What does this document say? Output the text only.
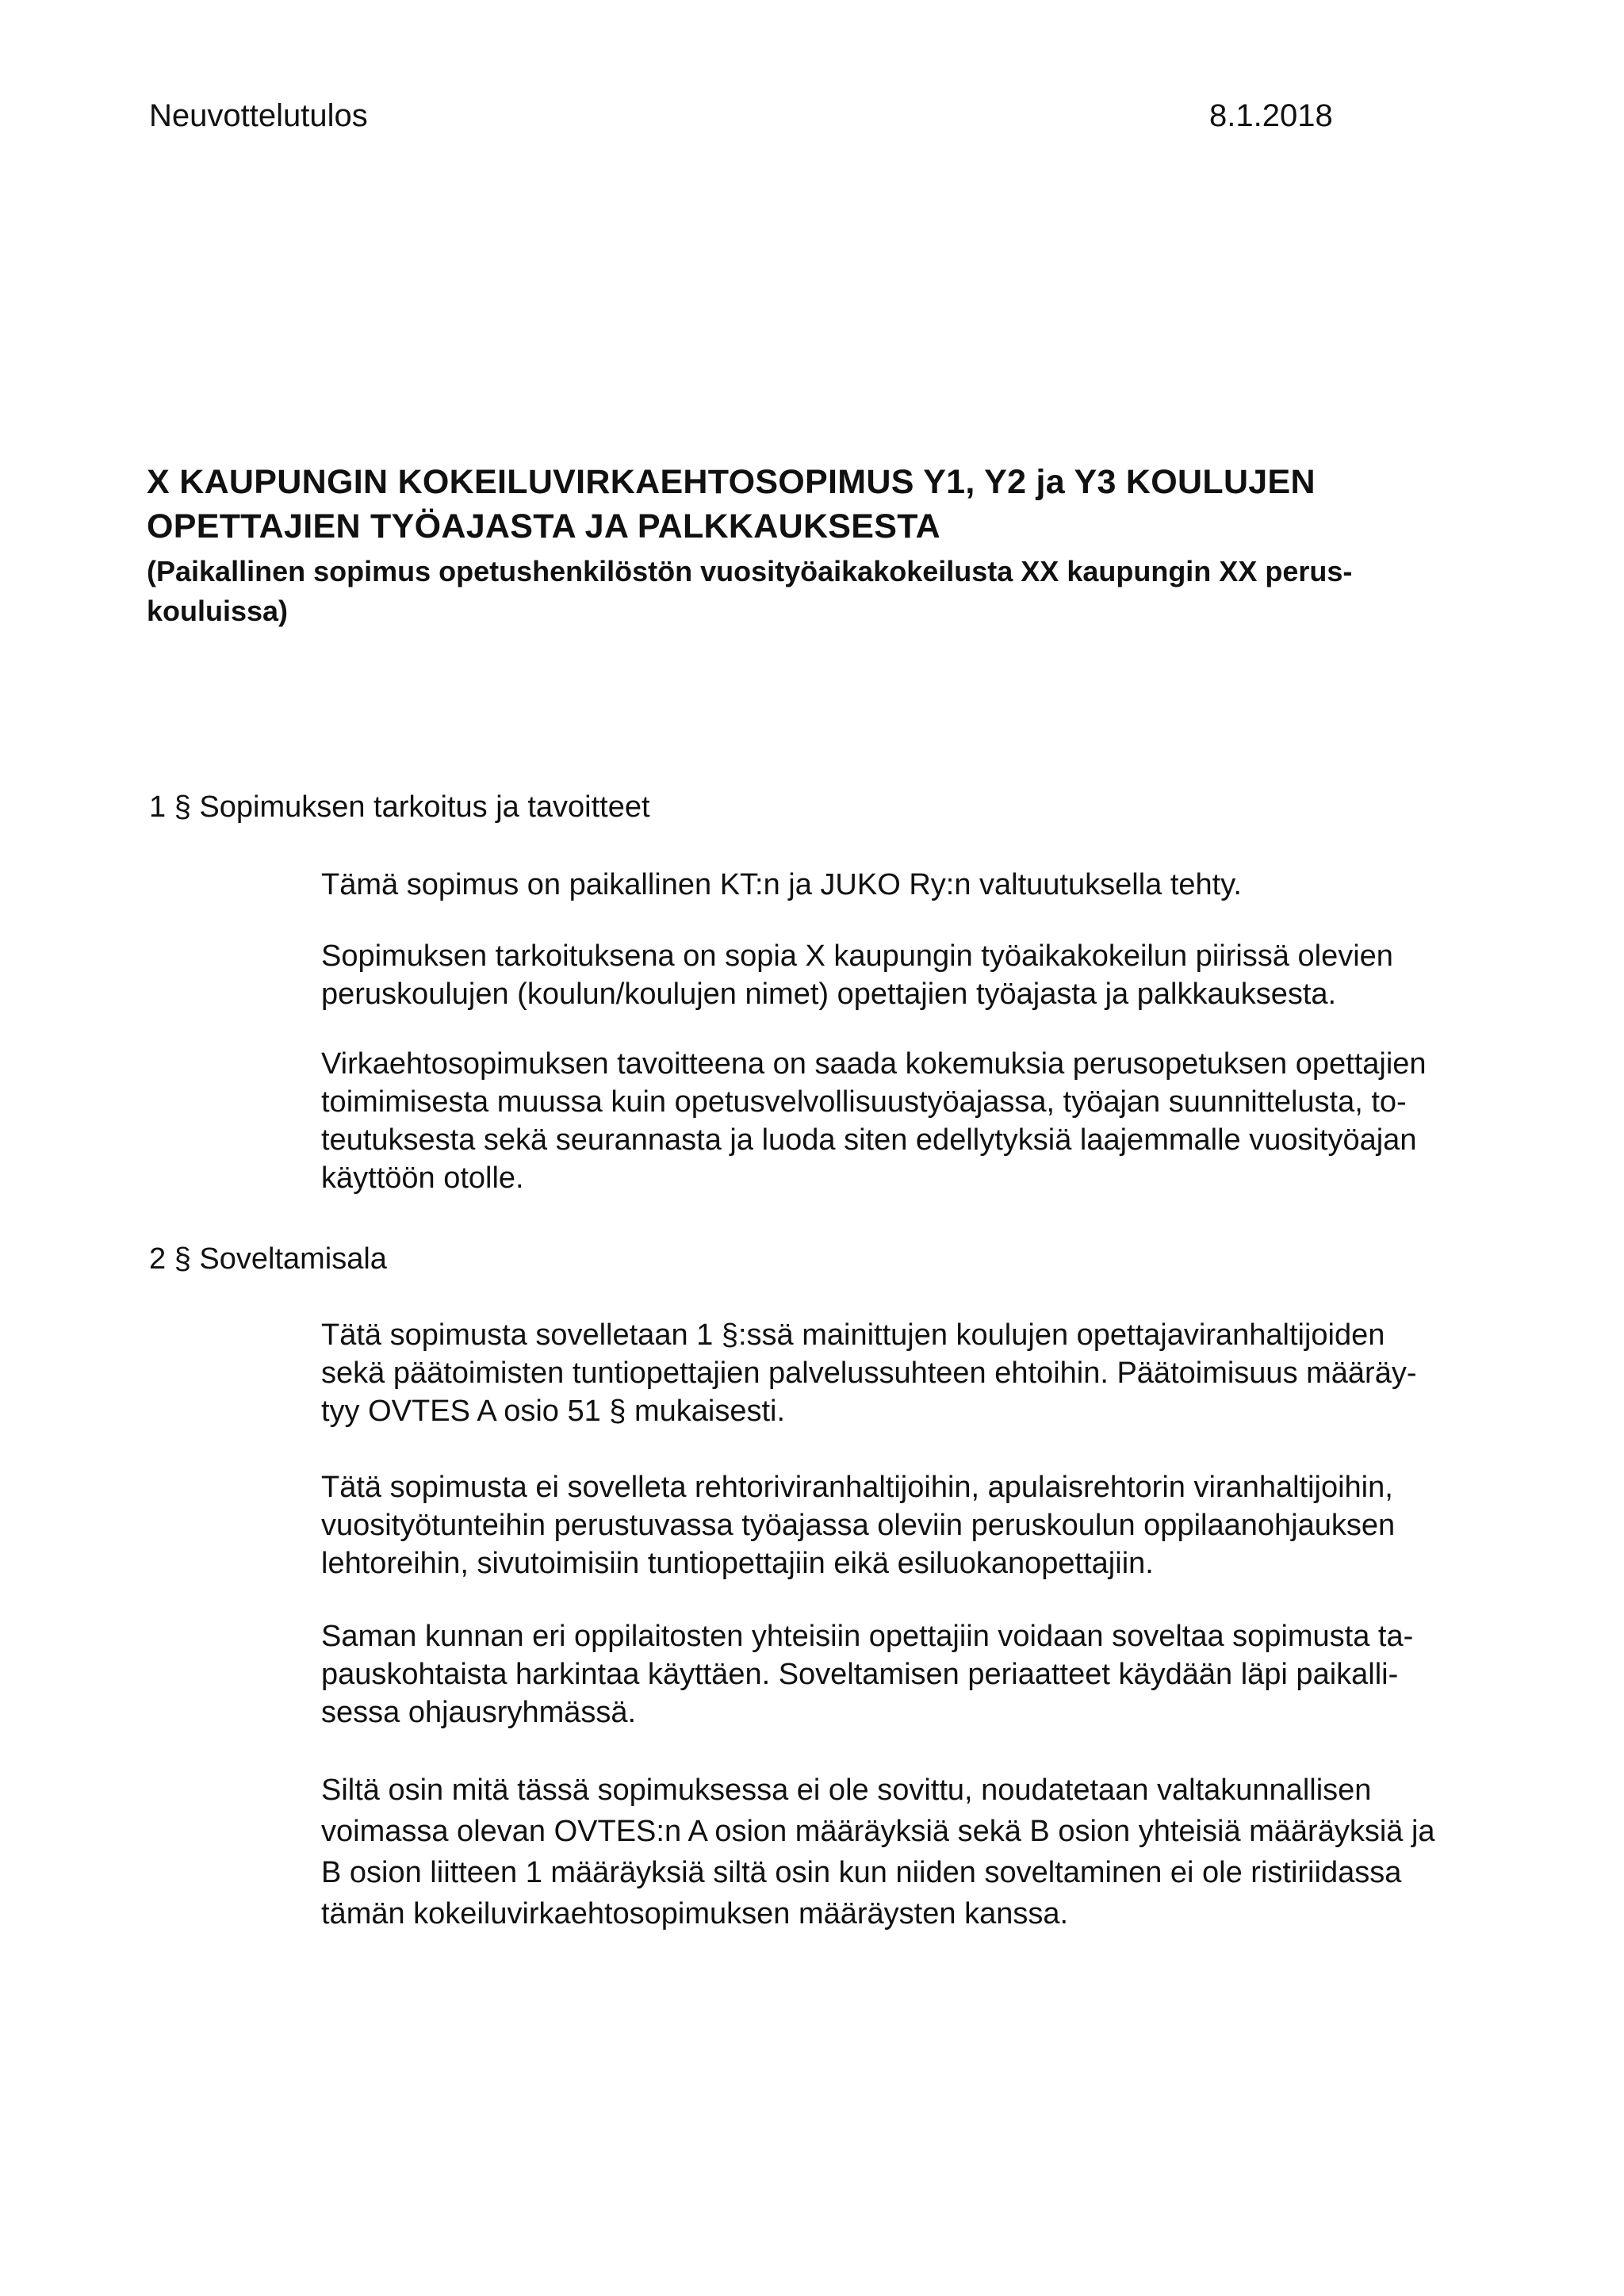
Neuvottelutulos	8.1.2018
X KAUPUNGIN KOKEILUVIRKAEHTOSOPIMUS Y1, Y2 ja Y3 KOULUJEN
OPETTAJIEN TYÖAJASTA JA PALKKAUKSESTA
(Paikallinen sopimus opetushenkilöstön vuosityöaikakokeilusta XX kaupungin XX perus-
kouluissa)
1 § Sopimuksen tarkoitus ja tavoitteet
Tämä sopimus on paikallinen KT:n ja JUKO Ry:n valtuutuksella tehty.
Sopimuksen tarkoituksena on sopia X kaupungin työaikakokeilun piirissä olevien
peruskoulujen (koulun/koulujen nimet) opettajien työajasta ja palkkauksesta.
Virkaehtosopimuksen tavoitteena on saada kokemuksia perusopetuksen opettajien
toimimisesta muussa kuin opetusvelvollisuustyöajassa, työajan suunnittelusta, to-
teutuksesta sekä seurannasta ja luoda siten edellytyksiä laajemmalle vuosityöajan
käyttöön otolle.
2 § Soveltamisala
Tätä sopimusta sovelletaan 1 §:ssä mainittujen koulujen opettajaviranhaltijoiden
sekä päätoimisten tuntiopettajien palvelussuhteen ehtoihin. Päätoimisuus määräy-
tyy OVTES A osio 51 § mukaisesti.
Tätä sopimusta ei sovelleta rehtoriviranhaltijoihin, apulaisrehtorin viranhaltijoihin,
vuosityötunteihin perustuvassa työajassa oleviin peruskoulun oppilaanohjauksen
lehtoreihin, sivutoimisiin tuntiopettajiin eikä esiluokanopettajiin.
Saman kunnan eri oppilaitosten yhteisiin opettajiin voidaan soveltaa sopimusta ta-
pauskohtaista harkintaa käyttäen. Soveltamisen periaatteet käydään läpi paikalli-
sessa ohjausryhmässä.
Siltä osin mitä tässä sopimuksessa ei ole sovittu, noudatetaan valtakunnallisen
voimassa olevan OVTES:n A osion määräyksiä sekä B osion yhteisiä määräyksiä ja
B osion liitteen 1 määräyksiä siltä osin kun niiden soveltaminen ei ole ristiriidassa
tämän kokeiluvirkaehtosopimuksen määräysten kanssa.
